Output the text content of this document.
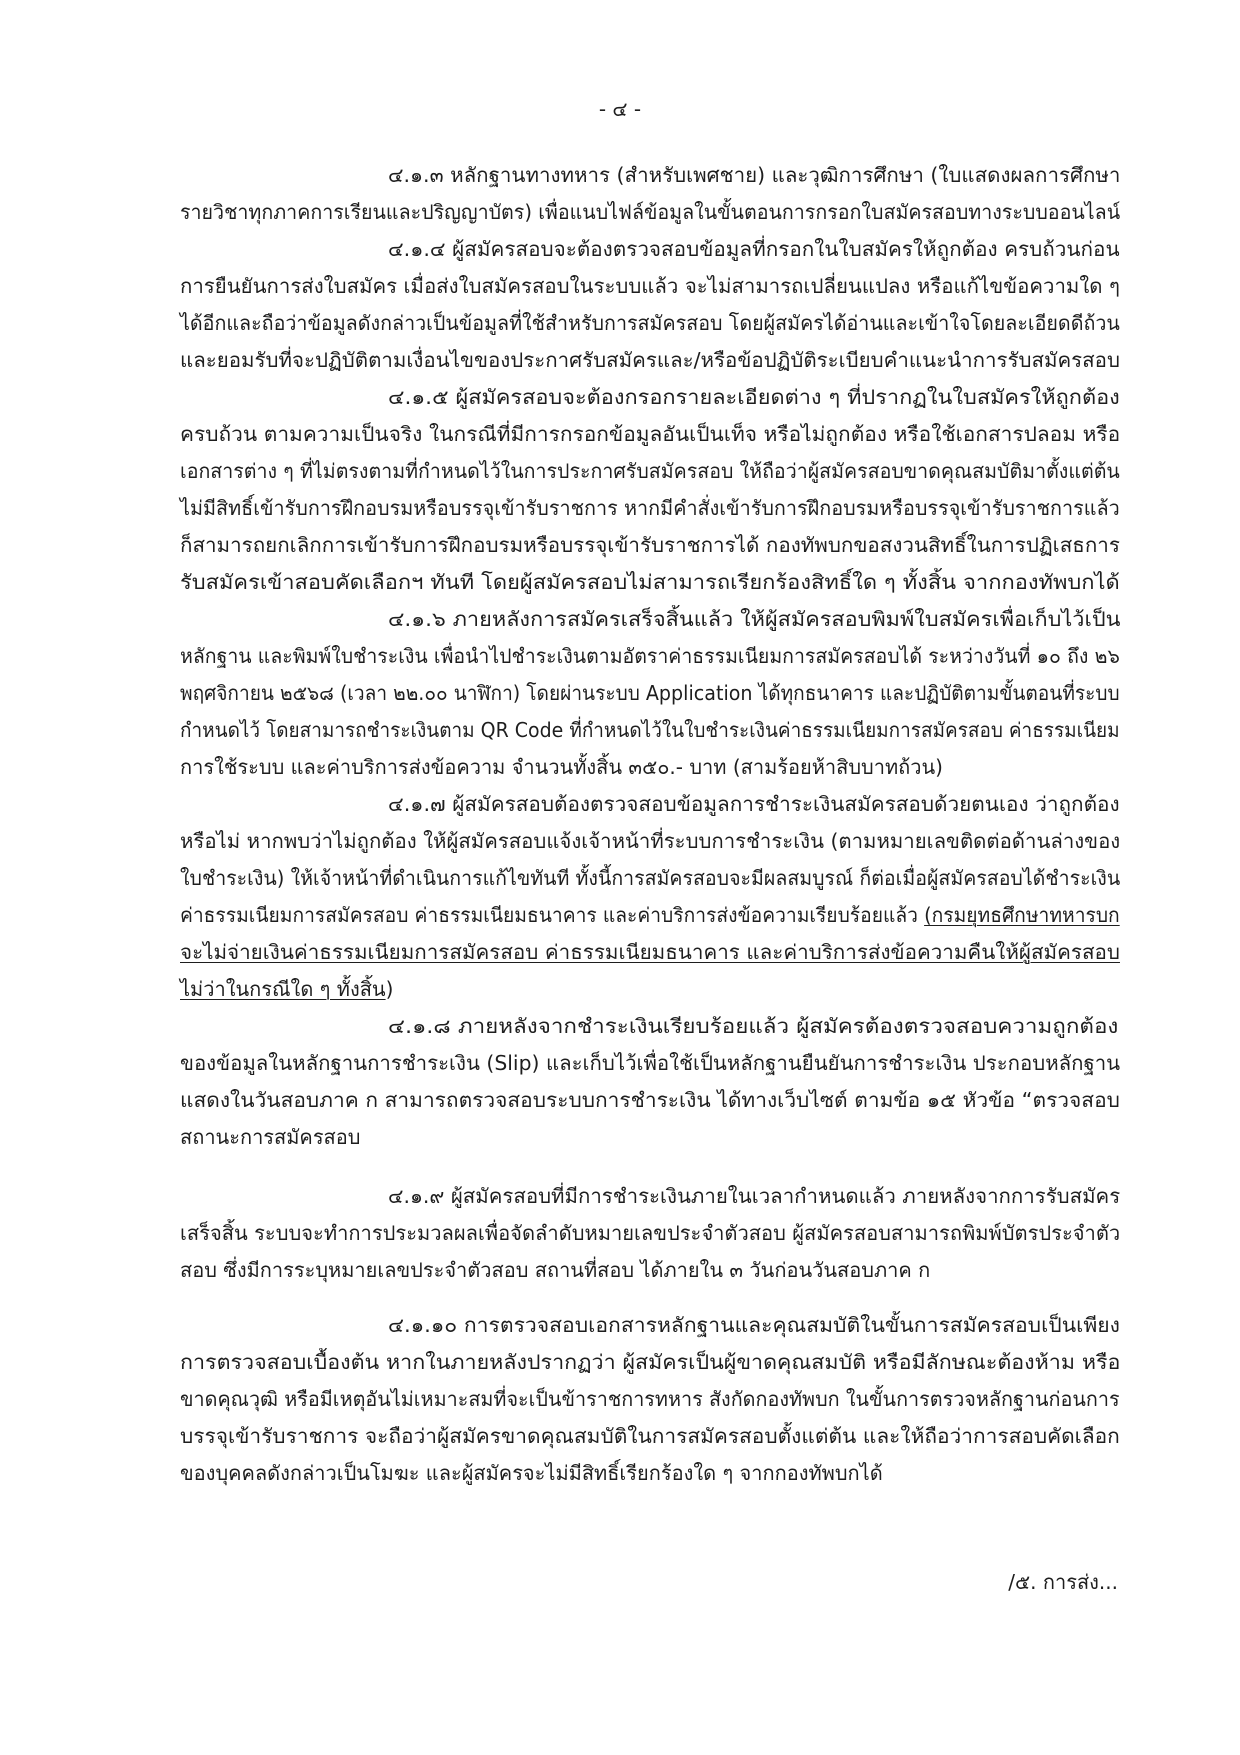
- ๔ -
๔.๑.๓ หลักฐานทางทหาร (สำหรับเพศชาย) และวุฒิการศึกษา (ใบแสดงผลการศึกษา
รายวิชาทุกภาคการเรียนและปริญญาบัตร) เพื่อแนบไฟล์ข้อมูลในขั้นตอนการกรอกใบสมัครสอบทางระบบออนไลน์
๔.๑.๔ ผู้สมัครสอบจะต้องตรวจสอบข้อมูลที่กรอกในใบสมัครให้ถูกต้อง ครบถ้วนก่อน
การยืนยันการส่งใบสมัคร เมื่อส่งใบสมัครสอบในระบบแล้ว จะไม่สามารถเปลี่ยนแปลง หรือแก้ไขข้อความใด ๆ
ได้อีกและถือว่าข้อมูลดังกล่าวเป็นข้อมูลที่ใช้สำหรับการสมัครสอบ โดยผู้สมัครได้อ่านและเข้าใจโดยละเอียดดีถ้วน
และยอมรับที่จะปฏิบัติตามเงื่อนไขของประกาศรับสมัครและ/หรือข้อปฏิบัติระเบียบคำแนะนำการรับสมัครสอบ
๔.๑.๕ ผู้สมัครสอบจะต้องกรอกรายละเอียดต่าง ๆ ที่ปรากฏในใบสมัครให้ถูกต้อง
ครบถ้วน ตามความเป็นจริง ในกรณีที่มีการกรอกข้อมูลอันเป็นเท็จ หรือไม่ถูกต้อง หรือใช้เอกสารปลอม หรือ
เอกสารต่าง ๆ ที่ไม่ตรงตามที่กำหนดไว้ในการประกาศรับสมัครสอบ ให้ถือว่าผู้สมัครสอบขาดคุณสมบัติมาตั้งแต่ต้น
ไม่มีสิทธิ์เข้ารับการฝึกอบรมหรือบรรจุเข้ารับราชการ หากมีคำสั่งเข้ารับการฝึกอบรมหรือบรรจุเข้ารับราชการแล้ว
ก็สามารถยกเลิกการเข้ารับการฝึกอบรมหรือบรรจุเข้ารับราชการได้ กองทัพบกขอสงวนสิทธิ์ในการปฏิเสธการ
รับสมัครเข้าสอบคัดเลือกฯ ทันที โดยผู้สมัครสอบไม่สามารถเรียกร้องสิทธิ์ใด ๆ ทั้งสิ้น จากกองทัพบกได้
๔.๑.๖ ภายหลังการสมัครเสร็จสิ้นแล้ว ให้ผู้สมัครสอบพิมพ์ใบสมัครเพื่อเก็บไว้เป็น
หลักฐาน และพิมพ์ใบชำระเงิน เพื่อนำไปชำระเงินตามอัตราค่าธรรมเนียมการสมัครสอบได้ ระหว่างวันที่ ๑๐ ถึง ๒๖
พฤศจิกายน ๒๕๖๘ (เวลา ๒๒.๐๐ นาฬิกา) โดยผ่านระบบ Application ได้ทุกธนาคาร และปฏิบัติตามขั้นตอนที่ระบบ
กำหนดไว้ โดยสามารถชำระเงินตาม QR Code ที่กำหนดไว้ในใบชำระเงินค่าธรรมเนียมการสมัครสอบ ค่าธรรมเนียม
การใช้ระบบ และค่าบริการส่งข้อความ จำนวนทั้งสิ้น ๓๕๐.- บาท (สามร้อยห้าสิบบาทถ้วน)
๔.๑.๗ ผู้สมัครสอบต้องตรวจสอบข้อมูลการชำระเงินสมัครสอบด้วยตนเอง ว่าถูกต้อง
หรือไม่ หากพบว่าไม่ถูกต้อง ให้ผู้สมัครสอบแจ้งเจ้าหน้าที่ระบบการชำระเงิน (ตามหมายเลขติดต่อด้านล่างของ
ใบชำระเงิน) ให้เจ้าหน้าที่ดำเนินการแก้ไขทันที ทั้งนี้การสมัครสอบจะมีผลสมบูรณ์ ก็ต่อเมื่อผู้สมัครสอบได้ชำระเงิน
ค่าธรรมเนียมการสมัครสอบ ค่าธรรมเนียมธนาคาร และค่าบริการส่งข้อความเรียบร้อยแล้ว (กรมยุทธศึกษาทหารบก
จะไม่จ่ายเงินค่าธรรมเนียมการสมัครสอบ ค่าธรรมเนียมธนาคาร และค่าบริการส่งข้อความคืนให้ผู้สมัครสอบ
ไม่ว่าในกรณีใด ๆ ทั้งสิ้น)
๔.๑.๘ ภายหลังจากชำระเงินเรียบร้อยแล้ว ผู้สมัครต้องตรวจสอบความถูกต้อง
ของข้อมูลในหลักฐานการชำระเงิน (Slip) และเก็บไว้เพื่อใช้เป็นหลักฐานยืนยันการชำระเงิน ประกอบหลักฐาน
แสดงในวันสอบภาค ก สามารถตรวจสอบระบบการชำระเงิน ได้ทางเว็บไซต์ ตามข้อ ๑๕ หัวข้อ “ตรวจสอบ
สถานะการสมัครสอบ
๔.๑.๙ ผู้สมัครสอบที่มีการชำระเงินภายในเวลากำหนดแล้ว ภายหลังจากการรับสมัคร
เสร็จสิ้น ระบบจะทำการประมวลผลเพื่อจัดลำดับหมายเลขประจำตัวสอบ ผู้สมัครสอบสามารถพิมพ์บัตรประจำตัว
สอบ ซึ่งมีการระบุหมายเลขประจำตัวสอบ สถานที่สอบ ได้ภายใน ๓ วันก่อนวันสอบภาค ก
๔.๑.๑๐ การตรวจสอบเอกสารหลักฐานและคุณสมบัติในขั้นการสมัครสอบเป็นเพียง
การตรวจสอบเบื้องต้น หากในภายหลังปรากฏว่า ผู้สมัครเป็นผู้ขาดคุณสมบัติ หรือมีลักษณะต้องห้าม หรือ
ขาดคุณวุฒิ หรือมีเหตุอันไม่เหมาะสมที่จะเป็นข้าราชการทหาร สังกัดกองทัพบก ในขั้นการตรวจหลักฐานก่อนการ
บรรจุเข้ารับราชการ จะถือว่าผู้สมัครขาดคุณสมบัติในการสมัครสอบตั้งแต่ต้น และให้ถือว่าการสอบคัดเลือก
ของบุคคลดังกล่าวเป็นโมฆะ และผู้สมัครจะไม่มีสิทธิ์เรียกร้องใด ๆ จากกองทัพบกได้
/๕. การส่ง...
